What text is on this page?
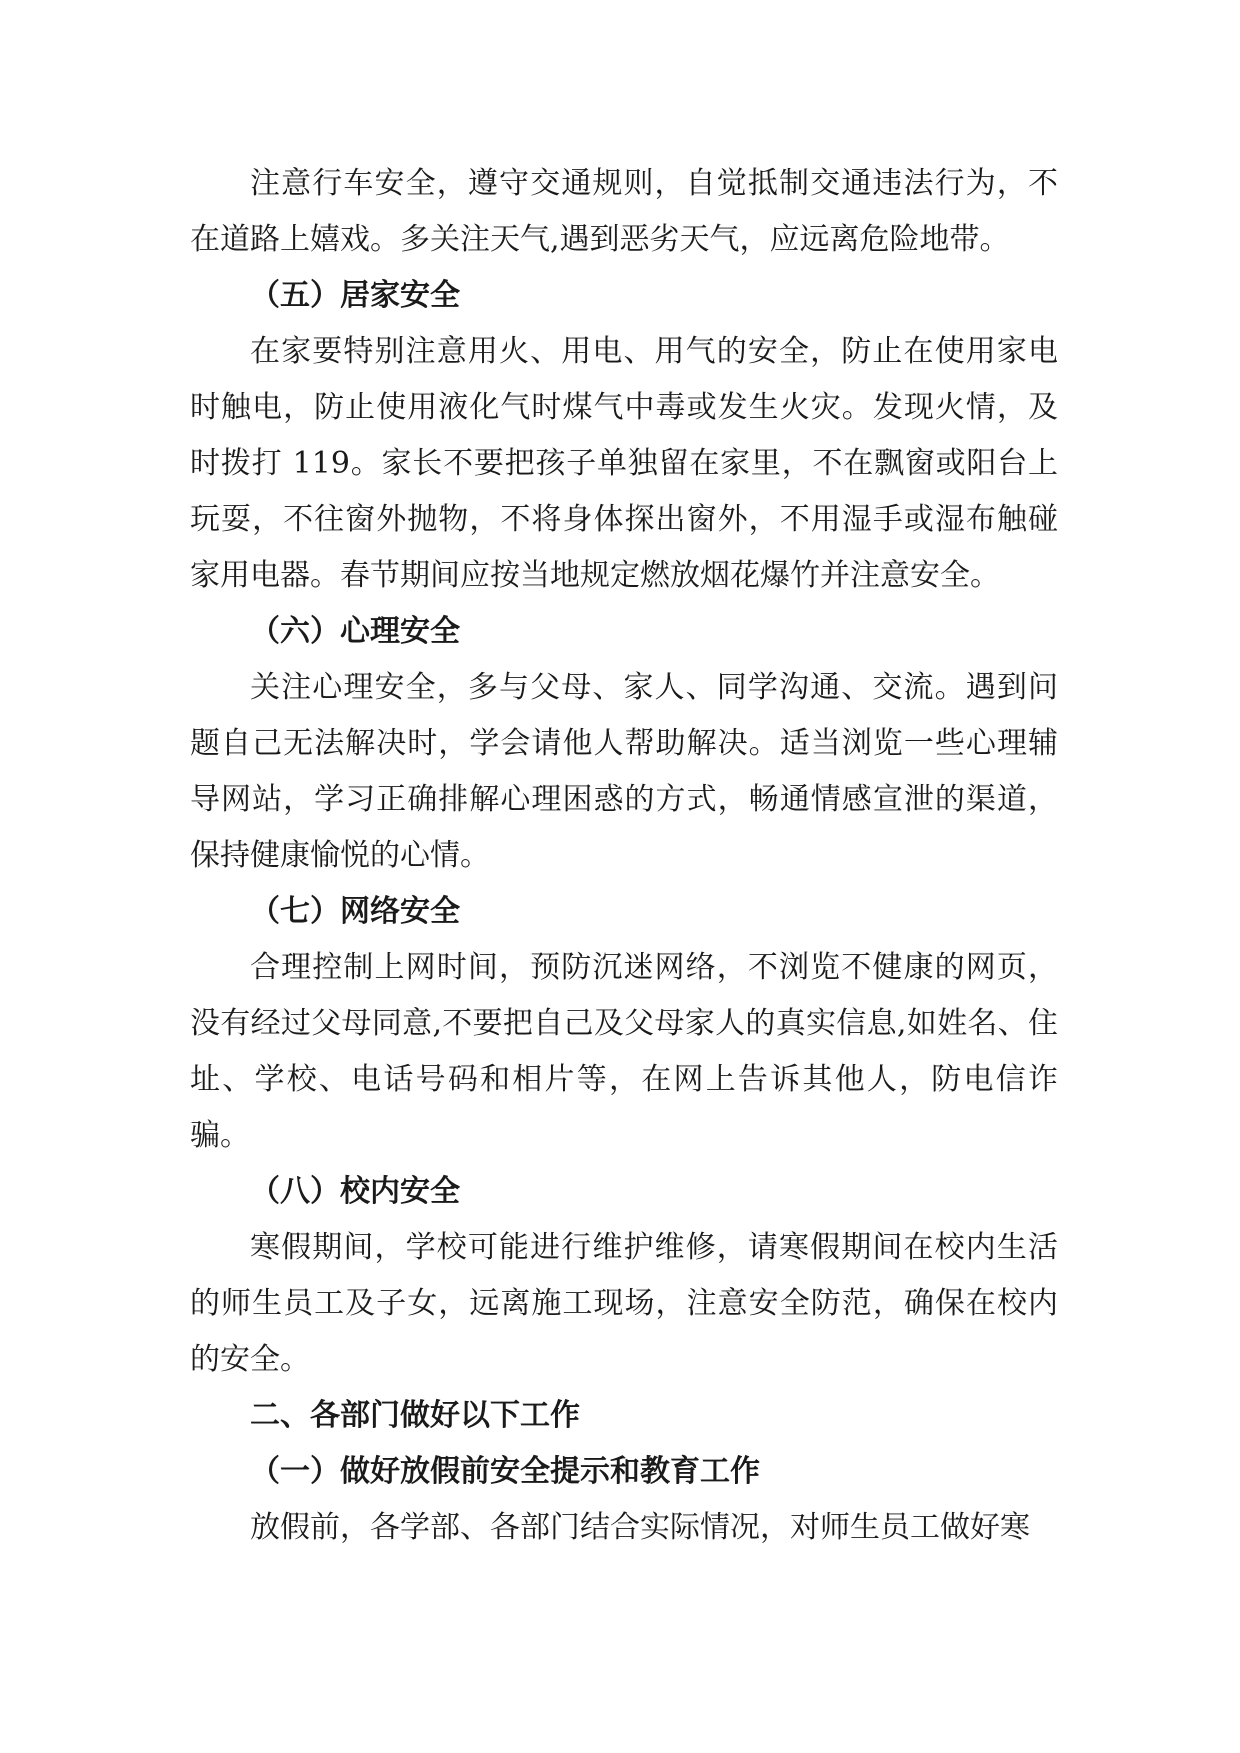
注意行车安全，遵守交通规则，自觉抵制交通违法行为，不在道路上嬉戏。多关注天气,遇到恶劣天气，应远离危险地带。

（五）居家安全

在家要特别注意用火、用电、用气的安全，防止在使用家电时触电，防止使用液化气时煤气中毒或发生火灾。发现火情，及时拨打 119。家长不要把孩子单独留在家里，不在飘窗或阳台上玩耍，不往窗外抛物，不将身体探出窗外，不用湿手或湿布触碰家用电器。春节期间应按当地规定燃放烟花爆竹并注意安全。

（六）心理安全

关注心理安全，多与父母、家人、同学沟通、交流。遇到问题自己无法解决时，学会请他人帮助解决。适当浏览一些心理辅导网站，学习正确排解心理困惑的方式，畅通情感宣泄的渠道，保持健康愉悦的心情。

（七）网络安全

合理控制上网时间，预防沉迷网络，不浏览不健康的网页，没有经过父母同意,不要把自己及父母家人的真实信息,如姓名、住址、学校、电话号码和相片等，在网上告诉其他人，防电信诈骗。

（八）校内安全

寒假期间，学校可能进行维护维修，请寒假期间在校内生活的师生员工及子女，远离施工现场，注意安全防范，确保在校内的安全。

二、各部门做好以下工作

（一）做好放假前安全提示和教育工作

放假前，各学部、各部门结合实际情况，对师生员工做好寒
